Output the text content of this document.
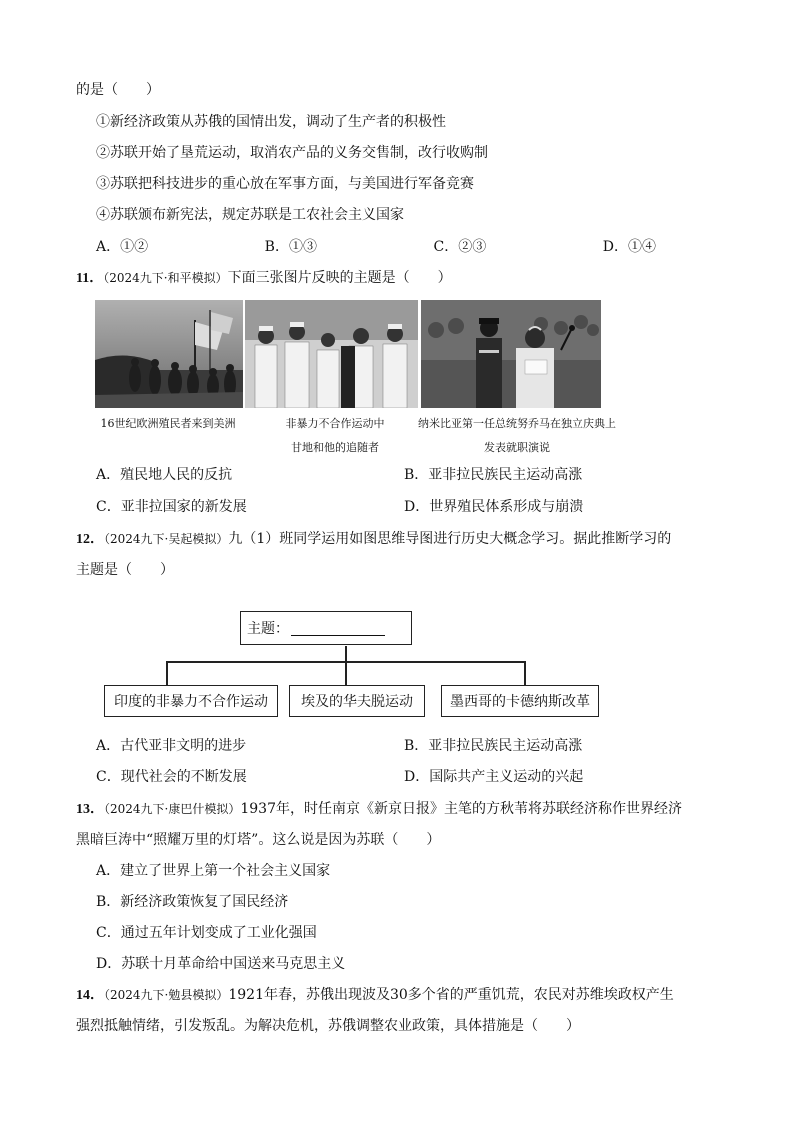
的是（　　）
①新经济政策从苏俄的国情出发，调动了生产者的积极性
②苏联开始了垦荒运动，取消农产品的义务交售制，改行收购制
③苏联把科技进步的重心放在军事方面，与美国进行军备竞赛
④苏联颁布新宪法，规定苏联是工农社会主义国家
A．①②	B．①③	C．②③	D．①④
11．（2024九下·和平模拟）下面三张图片反映的主题是（　　）
16世纪欧洲殖民者来到美洲	非暴力不合作运动中
甘地和他的追随者
纳米比亚第一任总统努乔马在独立庆典上
发表就职演说
A．殖民地人民的反抗	B．亚非拉民族民主运动高涨
C．亚非拉国家的新发展	D．世界殖民体系形成与崩溃
12．（2024九下·吴起模拟）九（1）班同学运用如图思维导图进行历史大概念学习。据此推断学习的
主题是（　　）
主题：
印度的非暴力不合作运动	埃及的华夫脱运动	墨西哥的卡德纳斯改革
A．古代亚非文明的进步	B．亚非拉民族民主运动高涨
C．现代社会的不断发展	D．国际共产主义运动的兴起
13．（2024九下·康巴什模拟）1937年，时任南京《新京日报》主笔的方秋苇将苏联经济称作世界经济
黑暗巨涛中“照耀万里的灯塔”。这么说是因为苏联（　　）
A．建立了世界上第一个社会主义国家
B．新经济政策恢复了国民经济
C．通过五年计划变成了工业化强国
D．苏联十月革命给中国送来马克思主义
14．（2024九下·勉县模拟）1921年春，苏俄出现波及30多个省的严重饥荒，农民对苏维埃政权产生
强烈抵触情绪，引发叛乱。为解决危机，苏俄调整农业政策，具体措施是（　　）
